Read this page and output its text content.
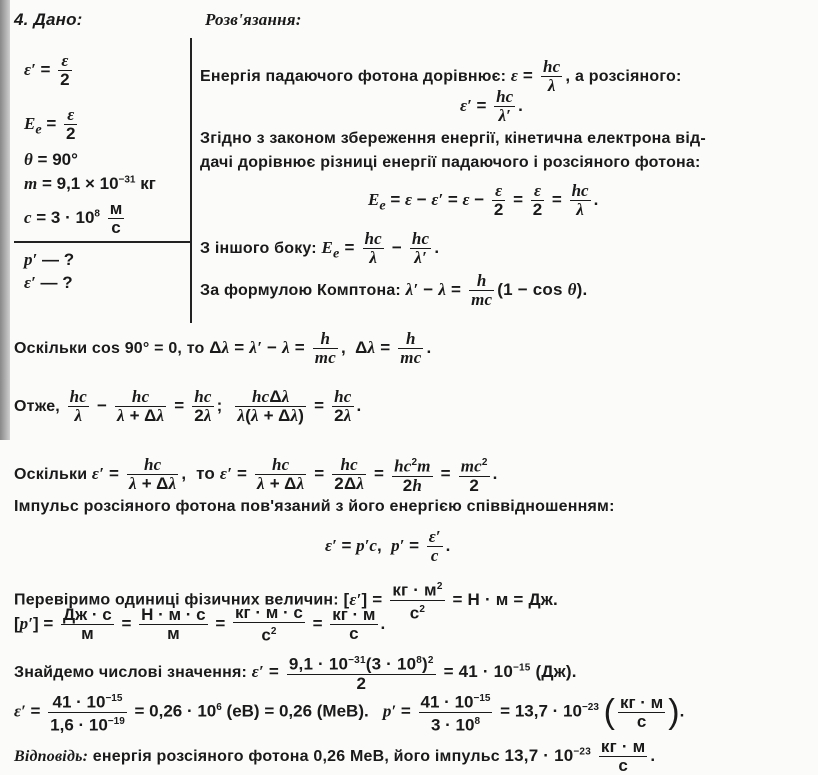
4. Дано:	Розв'язання:
$\varepsilon' = \frac{\varepsilon}{2}$
$E_e = \frac{\varepsilon}{2}$
θ = 90°
$m = 9,1 \times 10^{-31}$ кг
$c = 3 \cdot 10^8 \frac{м}{с}$
p′ — ?
ε′ — ?
Енергія падаючого фотона дорівнює: $\varepsilon = \frac{hc}{\lambda}$ , а розсіяного:
$\varepsilon' = \frac{hc}{\lambda'}$ .
Згідно з законом збереження енергії, кінетична електрона від-
дачі дорівнює різниці енергії падаючого і розсіяного фотона:
$E_e = \varepsilon - \varepsilon' = \varepsilon - \frac{\varepsilon}{2} = \frac{\varepsilon}{2} = \frac{hc}{\lambda}$ .
З іншого боку: $E_e = \frac{hc}{\lambda} - \frac{hc}{\lambda'}$ .
За формулою Комптона: $\lambda' - \lambda = \frac{h}{mc} (1 - \cos \theta)$.
Оскільки cos 90° = 0, то $\Delta\lambda = \lambda' - \lambda = \frac{h}{mc}$ ,  $\Delta\lambda = \frac{h}{mc}$ .
Отже, $\frac{hc}{\lambda} - \frac{hc}{\lambda + \Delta\lambda} = \frac{hc}{2\lambda}$ ; $\frac{\text{hcΔλ}}{\lambda(\lambda + \Delta\lambda)} = \frac{hc}{2\lambda}$ .
Оскільки $\varepsilon' = \frac{hc}{\lambda + \Delta\lambda}$ ,  то $\varepsilon' = \frac{hc}{\lambda + \Delta\lambda} = \frac{hc}{2\Delta\lambda} = \frac{hc^2m}{2h} = \frac{mc^2}{2}$ .
Імпульс розсіяного фотона пов'язаний з його енергією співвідношенням:
ε′ = p′c,  $p' = \frac{\varepsilon'}{c}$ .
Перевіримо одиниці фізичних величин: $[\varepsilon'] = \frac{кг \cdot м^2}{с^2} = Н \cdot м$ = Дж.
$[p'] = \frac{Дж \cdot с}{м} = \frac{Н \cdot м \cdot с}{м} = \frac{кг \cdot м \cdot с}{с^2} = \frac{кг \cdot м}{с}$ .
Знайдемо числові значення: $\varepsilon' = \frac{9,1 \cdot 10^{-31}(3 \cdot 10^8)^2}{2} = 41 \cdot 10^{-15}$ (Дж).
$\varepsilon' = \frac{41 \cdot 10^{-15}}{1,6 \cdot 10^{-19}} = 0,26 \cdot 10^6$ (еВ) = 0,26 (МеВ).   $p' = \frac{41 \cdot 10^{-15}}{3 \cdot 10^8} = 13,7 \cdot 10^{-23}$ ( $\frac{кг \cdot м}{с}$ ).
Відповідь: енергія розсіяного фотона 0,26 МеВ, його імпульс $13,7 \cdot 10^{-23} \frac{кг \cdot м}{с}$ .
